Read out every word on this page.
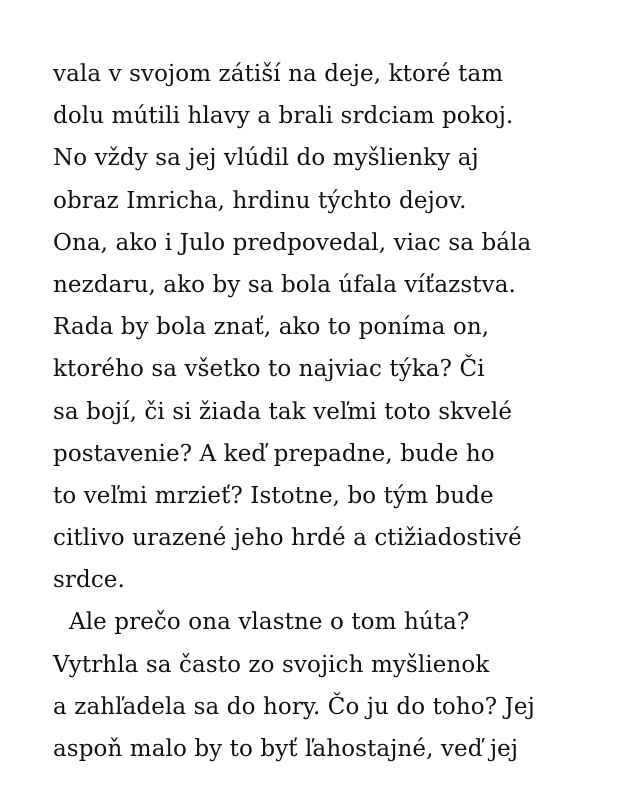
vala v svojom zátiší na deje, ktoré tam
dolu mútili hlavy a brali srdciam pokoj.
No vždy sa jej vlúdil do myšlienky aj
obraz Imricha, hrdinu týchto dejov.
Ona, ako i Julo predpovedal, viac sa bála
nezdaru, ako by sa bola úfala víťazstva.
Rada by bola znať, ako to poníma on,
ktorého sa všetko to najviac týka? Či
sa bojí, či si žiada tak veľmi toto skvelé
postavenie? A keď prepadne, bude ho
to veľmi mrzieť? Istotne, bo tým bude
citlivo urazené jeho hrdé a ctižiadostivé
srdce.
Ale prečo ona vlastne o tom húta?
Vytrhla sa často zo svojich myšlienok
a zahľadela sa do hory. Čo ju do toho? Jej
aspoň malo by to byť ľahostajné, veď jej
